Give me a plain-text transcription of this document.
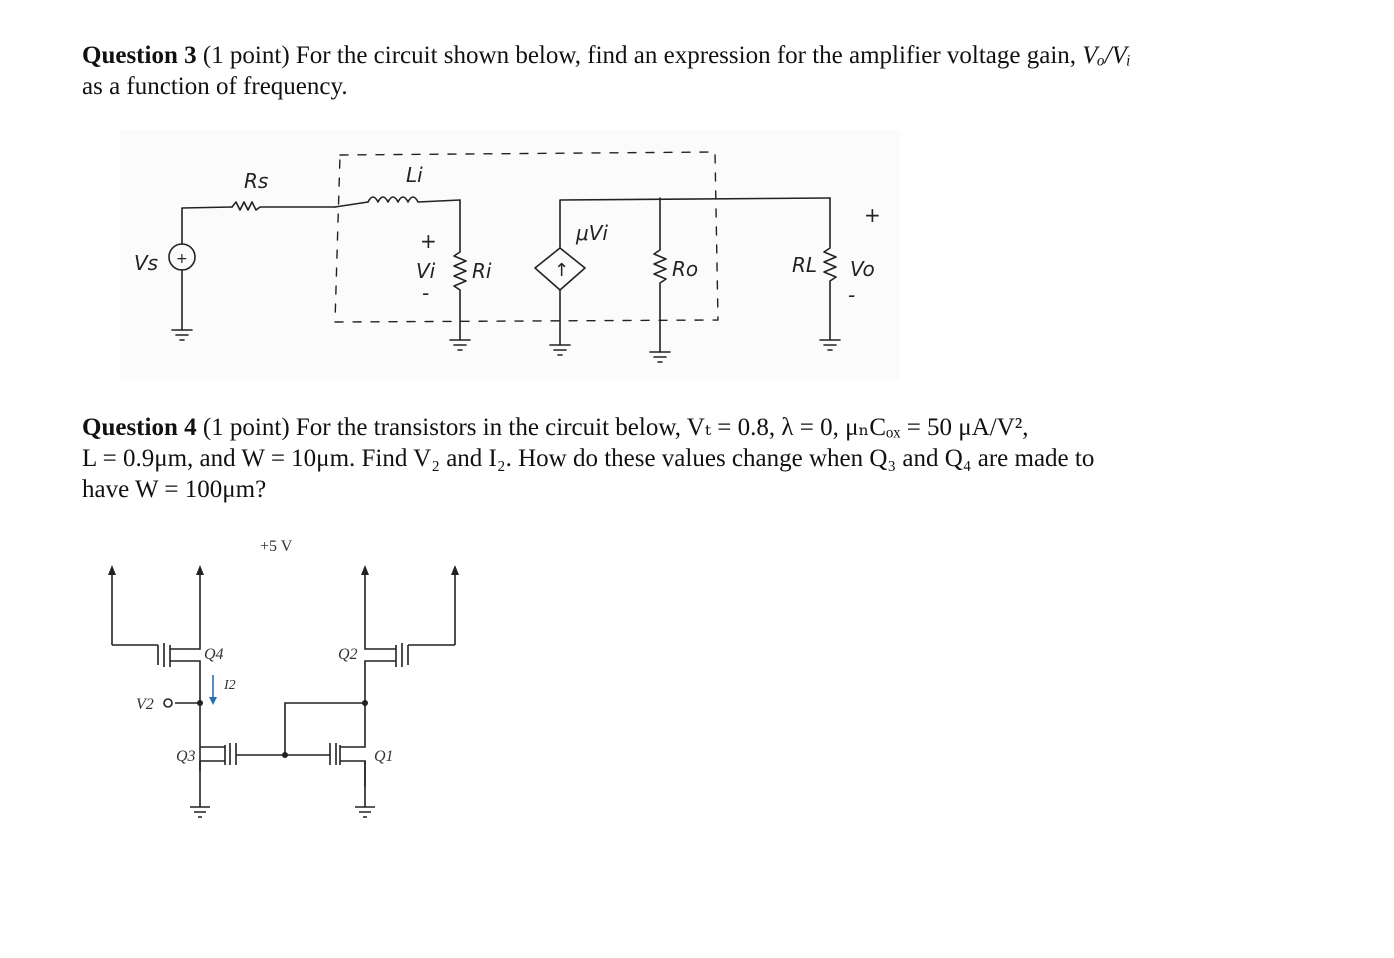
Question 3 (1 point) For the circuit shown below, find an expression for the amplifier voltage gain, Vₒ/Vᵢ
as a function of frequency.
Vs +
Rs	Li
+
Vi
-
Ri
μVi
↑	Ro	RL
+
Vo
-
Question 4 (1 point) For the transistors in the circuit below, Vₜ = 0.8, λ = 0, μₙCₒₓ = 50 μA/V²,
L = 0.9μm, and W = 10μm. Find V₂ and I₂. How do these values change when Q₃ and Q₄ are made to
have W = 100μm?
+5 V
Q4	Q2
I2
V2
Q3	Q1
